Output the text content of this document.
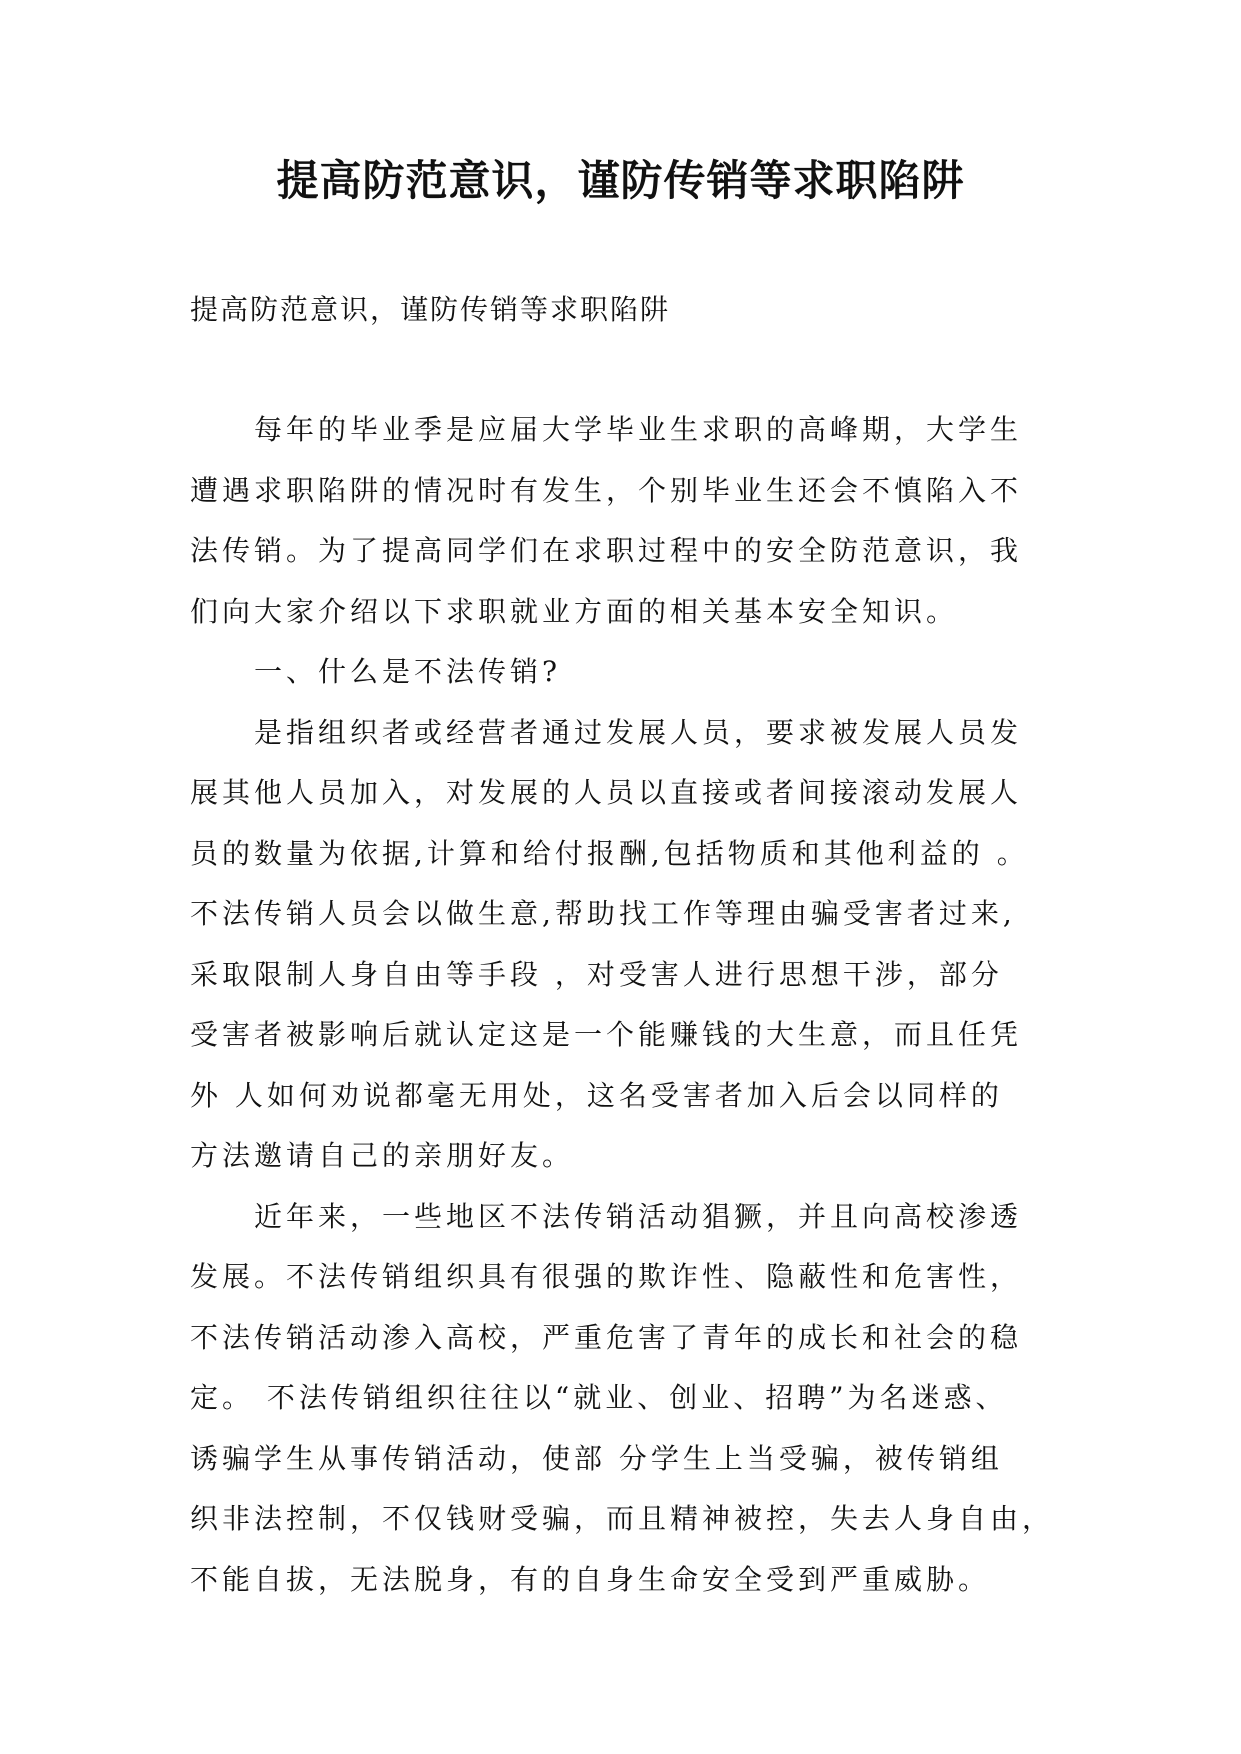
提高防范意识，谨防传销等求职陷阱

提高防范意识，谨防传销等求职陷阱

　　每年的毕业季是应届大学毕业生求职的高峰期，大学生
遭遇求职陷阱的情况时有发生，个别毕业生还会不慎陷入不
法传销。为了提高同学们在求职过程中的安全防范意识，我
们向大家介绍以下求职就业方面的相关基本安全知识。
　　一、什么是不法传销?
　　是指组织者或经营者通过发展人员，要求被发展人员发
展其他人员加入，对发展的人员以直接或者间接滚动发展人
员的数量为依据,计算和给付报酬,包括物质和其他利益的 。
不法传销人员会以做生意,帮助找工作等理由骗受害者过来,
采取限制人身自由等手段 ，对受害人进行思想干涉，部分
受害者被影响后就认定这是一个能赚钱的大生意，而且任凭
外 人如何劝说都毫无用处，这名受害者加入后会以同样的
方法邀请自己的亲朋好友。
　　近年来，一些地区不法传销活动猖獗，并且向高校渗透
发展。不法传销组织具有很强的欺诈性、隐蔽性和危害性，
不法传销活动渗入高校，严重危害了青年的成长和社会的稳
定。 不法传销组织往往以“就业、创业、招聘”为名迷惑、
诱骗学生从事传销活动，使部 分学生上当受骗，被传销组
织非法控制，不仅钱财受骗，而且精神被控，失去人身自由，
不能自拔，无法脱身，有的自身生命安全受到严重威胁。
